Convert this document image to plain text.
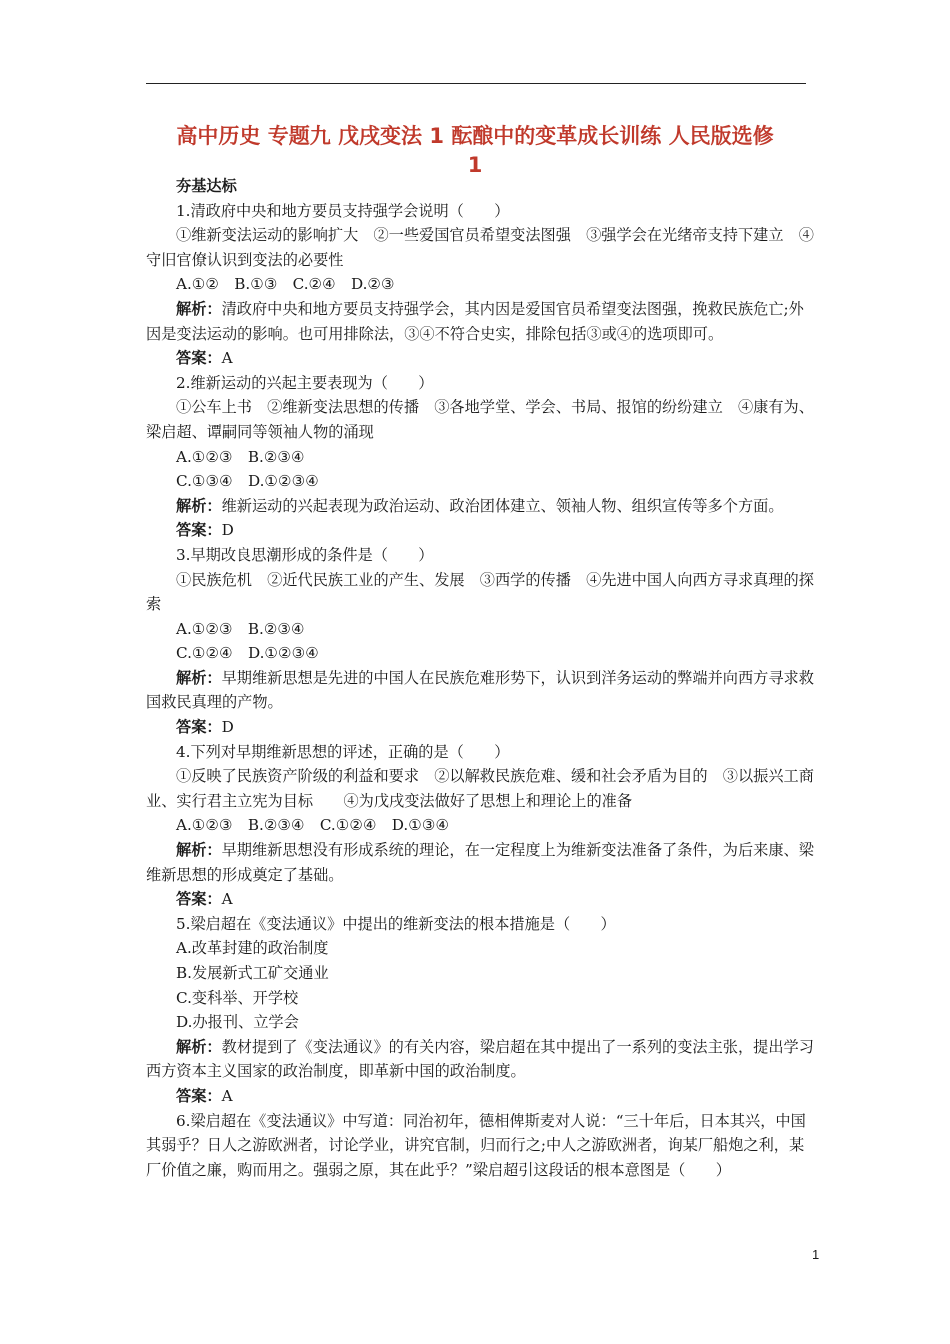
高中历史 专题九 戊戌变法 1 酝酿中的变革成长训练 人民版选修
1

夯基达标

1.清政府中央和地方要员支持强学会说明（　　）

①维新变法运动的影响扩大　②一些爱国官员希望变法图强　③强学会在光绪帝支持下建立　④守旧官僚认识到变法的必要性

A.①②　B.①③　C.②④　D.②③

解析：清政府中央和地方要员支持强学会，其内因是爱国官员希望变法图强，挽救民族危亡;外因是变法运动的影响。也可用排除法，③④不符合史实，排除包括③或④的选项即可。

答案：A

2.维新运动的兴起主要表现为（　　）

①公车上书　②维新变法思想的传播　③各地学堂、学会、书局、报馆的纷纷建立　④康有为、梁启超、谭嗣同等领袖人物的涌现

A.①②③　B.②③④

C.①③④　D.①②③④

解析：维新运动的兴起表现为政治运动、政治团体建立、领袖人物、组织宣传等多个方面。

答案：D

3.早期改良思潮形成的条件是（　　）

①民族危机　②近代民族工业的产生、发展　③西学的传播　④先进中国人向西方寻求真理的探索

A.①②③　B.②③④

C.①②④　D.①②③④

解析：早期维新思想是先进的中国人在民族危难形势下，认识到洋务运动的弊端并向西方寻求救国救民真理的产物。

答案：D

4.下列对早期维新思想的评述，正确的是（　　）

①反映了民族资产阶级的利益和要求　②以解救民族危难、缓和社会矛盾为目的　③以振兴工商业、实行君主立宪为目标　　④为戊戌变法做好了思想上和理论上的准备

A.①②③　B.②③④　C.①②④　D.①③④

解析：早期维新思想没有形成系统的理论，在一定程度上为维新变法准备了条件，为后来康、梁维新思想的形成奠定了基础。

答案：A

5.梁启超在《变法通议》中提出的维新变法的根本措施是（　　）

A.改革封建的政治制度

B.发展新式工矿交通业

C.变科举、开学校

D.办报刊、立学会

解析：教材提到了《变法通议》的有关内容，梁启超在其中提出了一系列的变法主张，提出学习西方资本主义国家的政治制度，即革新中国的政治制度。

答案：A

6.梁启超在《变法通议》中写道：同治初年，德相俾斯麦对人说：“三十年后，日本其兴，中国其弱乎？日人之游欧洲者，讨论学业，讲究官制，归而行之;中人之游欧洲者，询某厂船炮之利，某厂价值之廉，购而用之。强弱之原，其在此乎？”梁启超引这段话的根本意图是（　　）

1
